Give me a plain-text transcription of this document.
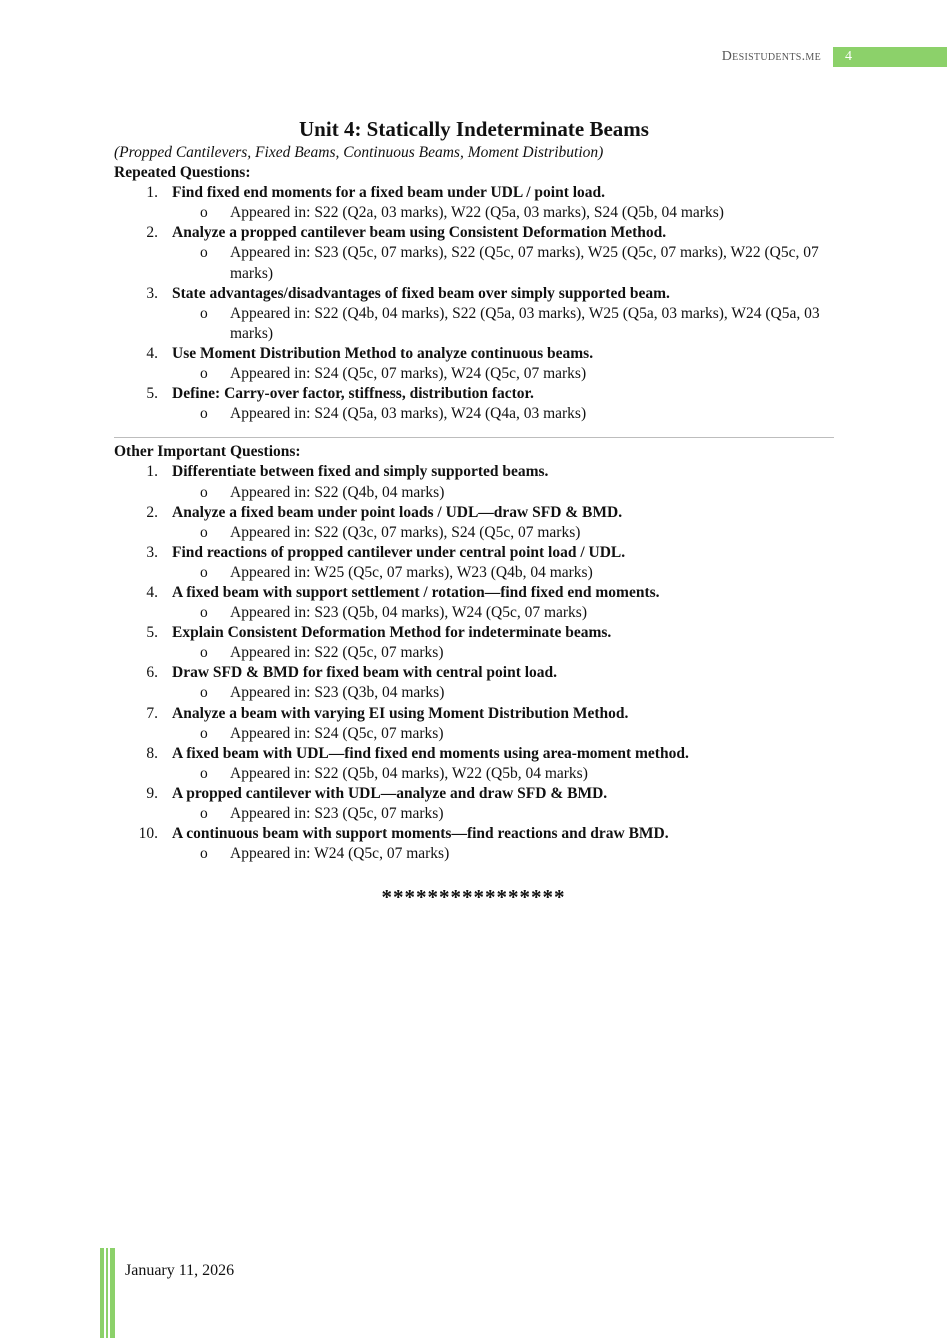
Desistudents.me	4
Unit 4: Statically Indeterminate Beams
(Propped Cantilevers, Fixed Beams, Continuous Beams, Moment Distribution)
Repeated Questions:
1. Find fixed end moments for a fixed beam under UDL / point load.
o Appeared in: S22 (Q2a, 03 marks), W22 (Q5a, 03 marks), S24 (Q5b, 04 marks)
2. Analyze a propped cantilever beam using Consistent Deformation Method.
o Appeared in: S23 (Q5c, 07 marks), S22 (Q5c, 07 marks), W25 (Q5c, 07 marks), W22 (Q5c, 07 marks)
3. State advantages/disadvantages of fixed beam over simply supported beam.
o Appeared in: S22 (Q4b, 04 marks), S22 (Q5a, 03 marks), W25 (Q5a, 03 marks), W24 (Q5a, 03 marks)
4. Use Moment Distribution Method to analyze continuous beams.
o Appeared in: S24 (Q5c, 07 marks), W24 (Q5c, 07 marks)
5. Define: Carry-over factor, stiffness, distribution factor.
o Appeared in: S24 (Q5a, 03 marks), W24 (Q4a, 03 marks)
Other Important Questions:
1. Differentiate between fixed and simply supported beams.
o Appeared in: S22 (Q4b, 04 marks)
2. Analyze a fixed beam under point loads / UDL—draw SFD & BMD.
o Appeared in: S22 (Q3c, 07 marks), S24 (Q5c, 07 marks)
3. Find reactions of propped cantilever under central point load / UDL.
o Appeared in: W25 (Q5c, 07 marks), W23 (Q4b, 04 marks)
4. A fixed beam with support settlement / rotation—find fixed end moments.
o Appeared in: S23 (Q5b, 04 marks), W24 (Q5c, 07 marks)
5. Explain Consistent Deformation Method for indeterminate beams.
o Appeared in: S22 (Q5c, 07 marks)
6. Draw SFD & BMD for fixed beam with central point load.
o Appeared in: S23 (Q3b, 04 marks)
7. Analyze a beam with varying EI using Moment Distribution Method.
o Appeared in: S24 (Q5c, 07 marks)
8. A fixed beam with UDL—find fixed end moments using area-moment method.
o Appeared in: S22 (Q5b, 04 marks), W22 (Q5b, 04 marks)
9. A propped cantilever with UDL—analyze and draw SFD & BMD.
o Appeared in: S23 (Q5c, 07 marks)
10. A continuous beam with support moments—find reactions and draw BMD.
o Appeared in: W24 (Q5c, 07 marks)
****************
January 11, 2026
